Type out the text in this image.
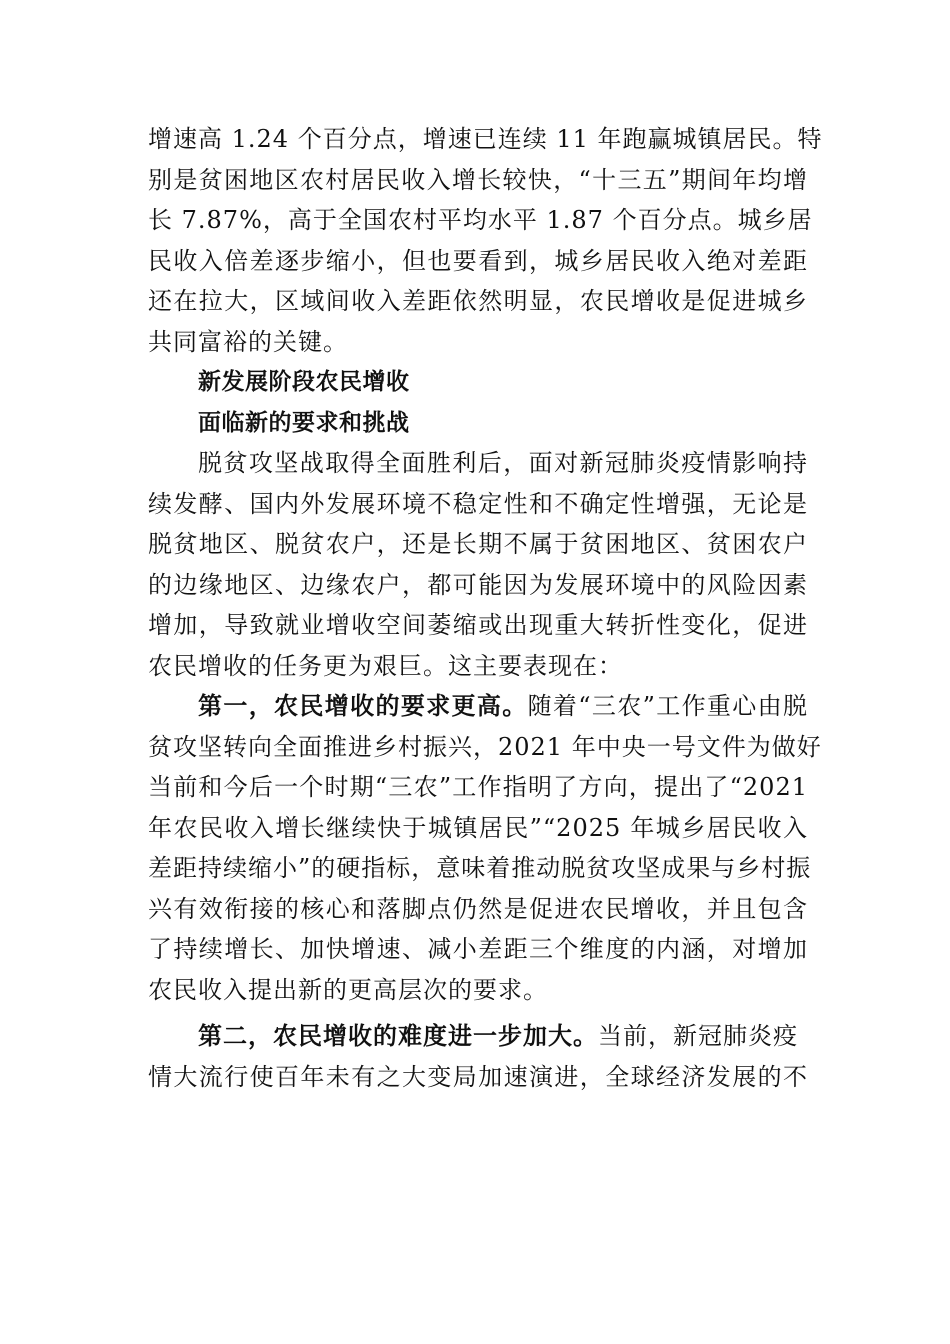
增速高 1.24 个百分点，增速已连续 11 年跑赢城镇居民。特
别是贫困地区农村居民收入增长较快，“十三五”期间年均增
长 7.87%，高于全国农村平均水平 1.87 个百分点。城乡居
民收入倍差逐步缩小，但也要看到，城乡居民收入绝对差距
还在拉大，区域间收入差距依然明显，农民增收是促进城乡
共同富裕的关键。
新发展阶段农民增收
面临新的要求和挑战
脱贫攻坚战取得全面胜利后，面对新冠肺炎疫情影响持
续发酵、国内外发展环境不稳定性和不确定性增强，无论是
脱贫地区、脱贫农户，还是长期不属于贫困地区、贫困农户
的边缘地区、边缘农户，都可能因为发展环境中的风险因素
增加，导致就业增收空间萎缩或出现重大转折性变化，促进
农民增收的任务更为艰巨。这主要表现在：
第一，农民增收的要求更高。随着“三农”工作重心由脱
贫攻坚转向全面推进乡村振兴，2021 年中央一号文件为做好
当前和今后一个时期“三农”工作指明了方向，提出了“2021
年农民收入增长继续快于城镇居民”“2025 年城乡居民收入
差距持续缩小”的硬指标，意味着推动脱贫攻坚成果与乡村振
兴有效衔接的核心和落脚点仍然是促进农民增收，并且包含
了持续增长、加快增速、减小差距三个维度的内涵，对增加
农民收入提出新的更高层次的要求。
第二，农民增收的难度进一步加大。当前，新冠肺炎疫
情大流行使百年未有之大变局加速演进，全球经济发展的不
